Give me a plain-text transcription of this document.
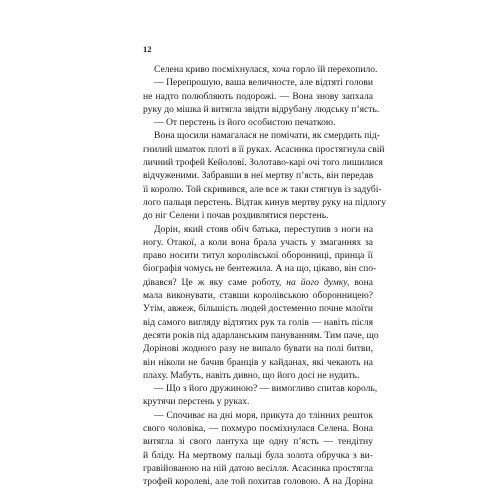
12
Селена криво посміхнулася, хоча горло їй перехопило.
— Перепрошую, ваша величносте, але відтяті голови
не надто полюбляють подорожі. — Вона знову запхала
руку до мішка й витягла звідти відрубану людську п’ясть.
— От перстень із його особистою печаткою.
Вона щосили намагалася не помічати, як смердить під-
гнилий шматок плоті в її руках. Асасинка простягнула свій
личний трофей Кейоловї. Золотаво-карі очі того лишилися
відчуженими. Забравши в неї мертву п’ясть, він передав
її королю. Той скривився, але все ж таки стягнув із задубі-
лого пальця перстень. Відтак кинув мертву руку на підлогу
до ніг Селени і почав роздивлятися перстень.
Дорін, який стояв обіч батька, переступив з ноги на
ногу. Отакої, а коли вона брала участь у змаганнях за
право носити титул королівської оборонниці, принца її
біографія чомусь не бентежила. А на що, цікаво, він спо-
дівався? Це ж яку саме роботу, на його думку, вона
мала виконувати, ставши королівською оборонницею?
Утім, авжеж, більшість людей достеменно почне млоїти
від самого вигляду відтятих рук та голів — навіть після
десяти років під адарланським пануванням. Тим паче, що
Дорінові жодного разу не випало бувати на полі битви,
він ніколи не бачив бранців у кайданах, які чекають на
плаху. Мабуть, навіть дивно, що його досі не нудить.
— Що з його дружиною? — вимогливо спитав король,
крутячи перстень у руках.
— Спочиває на дні моря, прикута до тлінних решток
свого чоловіка, — похмуро посміхнулася Селена. Вона
витягла зі свого лантуха ще одну п’ясть — тендітну
й бліду. На мертвому пальці була золота обручка з ви-
гравійованою на ній датою весілля. Асасинка простягла
трофей королеві, але той похитав головою. А на Доріна
